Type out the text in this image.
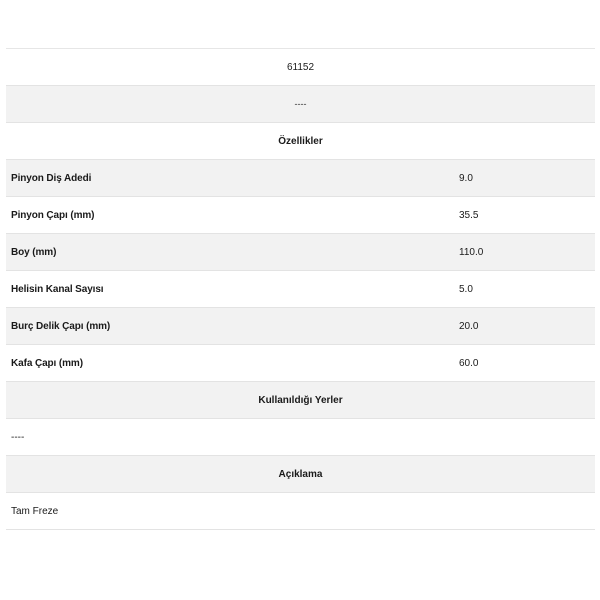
61152
----
Özellikler
Pinyon Diş Adedi	9.0
Pinyon Çapı (mm)	35.5
Boy (mm)	110.0
Helisin Kanal Sayısı	5.0
Burç Delik Çapı (mm)	20.0
Kafa Çapı (mm)	60.0
Kullanıldığı Yerler
----
Açıklama
Tam Freze
